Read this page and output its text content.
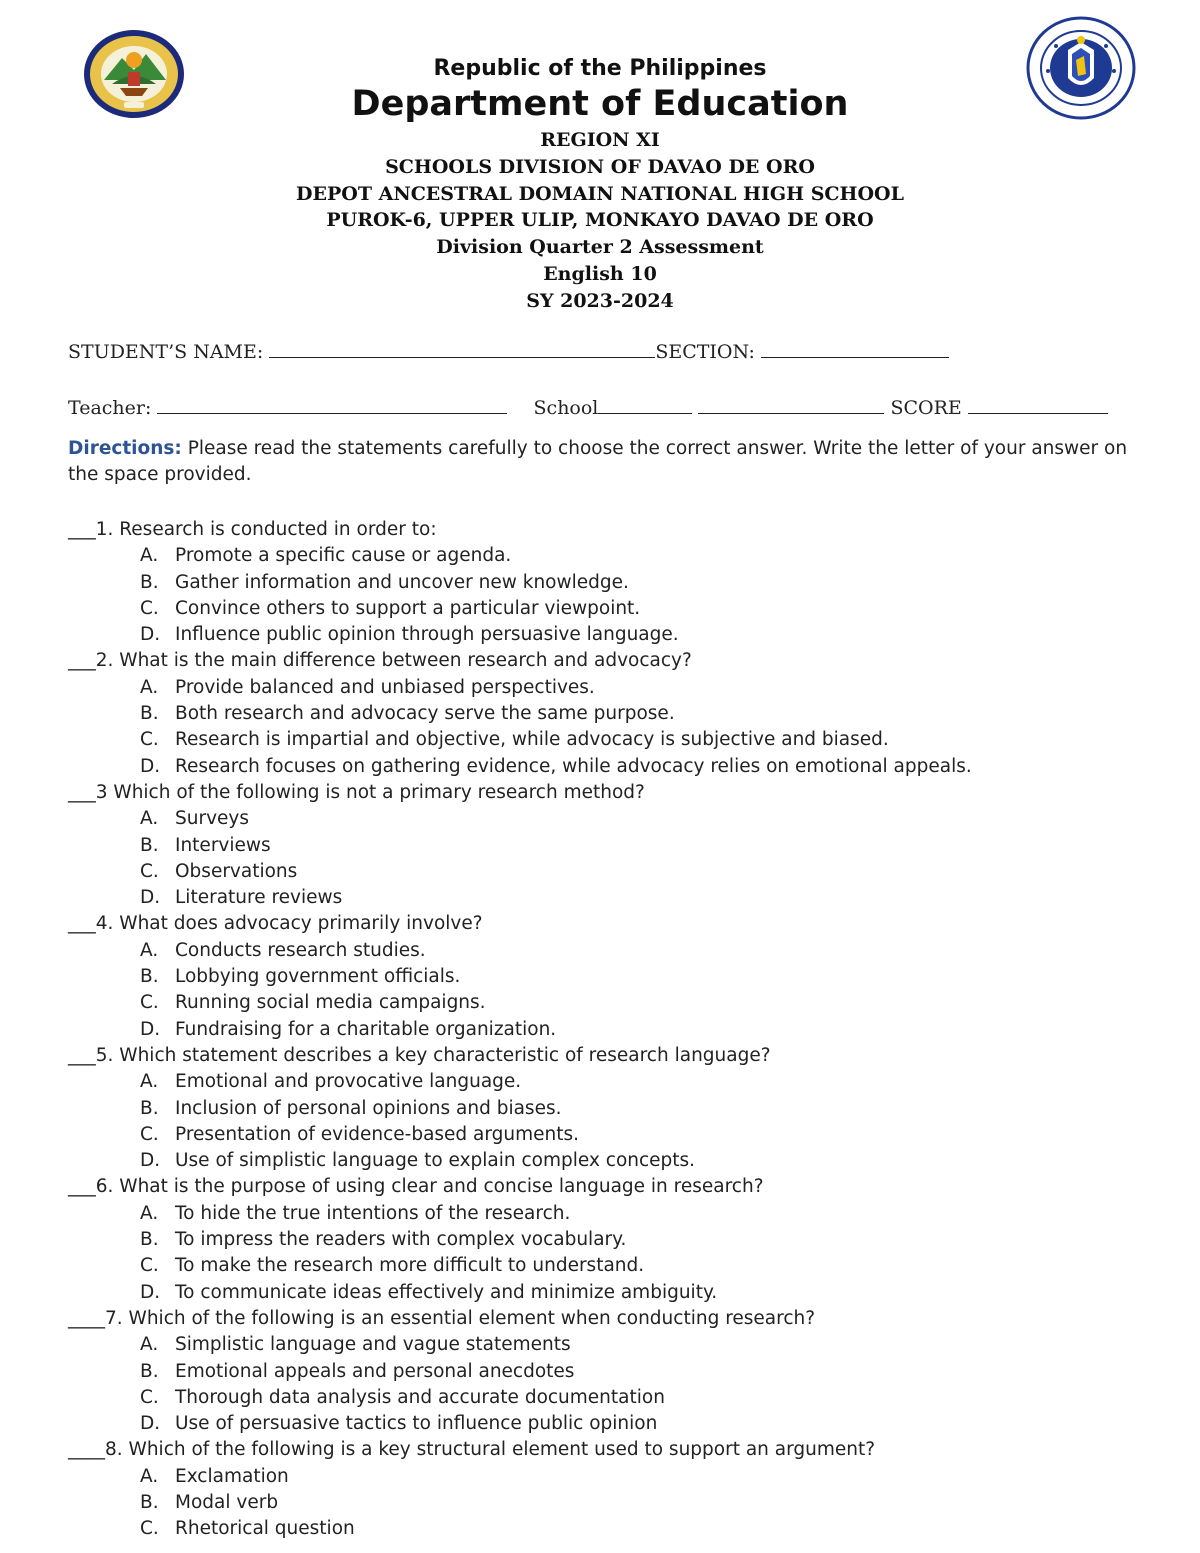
Republic of the Philippines
Department of Education
REGION XI
SCHOOLS DIVISION OF DAVAO DE ORO
DEPOT ANCESTRAL DOMAIN NATIONAL HIGH SCHOOL
PUROK-6, UPPER ULIP, MONKAYO DAVAO DE ORO
Division Quarter 2 Assessment
English 10
SY 2023-2024
STUDENT’S NAME:	SECTION:
Teacher:	School	SCORE
Directions: Please read the statements carefully to choose the correct answer. Write the letter of your answer on the space provided.
___1. Research is conducted in order to:
A. Promote a specific cause or agenda.
B. Gather information and uncover new knowledge.
C. Convince others to support a particular viewpoint.
D. Influence public opinion through persuasive language.
___2. What is the main difference between research and advocacy?
A. Provide balanced and unbiased perspectives.
B. Both research and advocacy serve the same purpose.
C. Research is impartial and objective, while advocacy is subjective and biased.
D. Research focuses on gathering evidence, while advocacy relies on emotional appeals.
___3 Which of the following is not a primary research method?
A. Surveys
B. Interviews
C. Observations
D. Literature reviews
___4. What does advocacy primarily involve?
A. Conducts research studies.
B. Lobbying government officials.
C. Running social media campaigns.
D. Fundraising for a charitable organization.
___5. Which statement describes a key characteristic of research language?
A. Emotional and provocative language.
B. Inclusion of personal opinions and biases.
C. Presentation of evidence-based arguments.
D. Use of simplistic language to explain complex concepts.
___6. What is the purpose of using clear and concise language in research?
A. To hide the true intentions of the research.
B. To impress the readers with complex vocabulary.
C. To make the research more difficult to understand.
D. To communicate ideas effectively and minimize ambiguity.
____7. Which of the following is an essential element when conducting research?
A. Simplistic language and vague statements
B. Emotional appeals and personal anecdotes
C. Thorough data analysis and accurate documentation
D. Use of persuasive tactics to influence public opinion
____8. Which of the following is a key structural element used to support an argument?
A. Exclamation
B. Modal verb
C. Rhetorical question
